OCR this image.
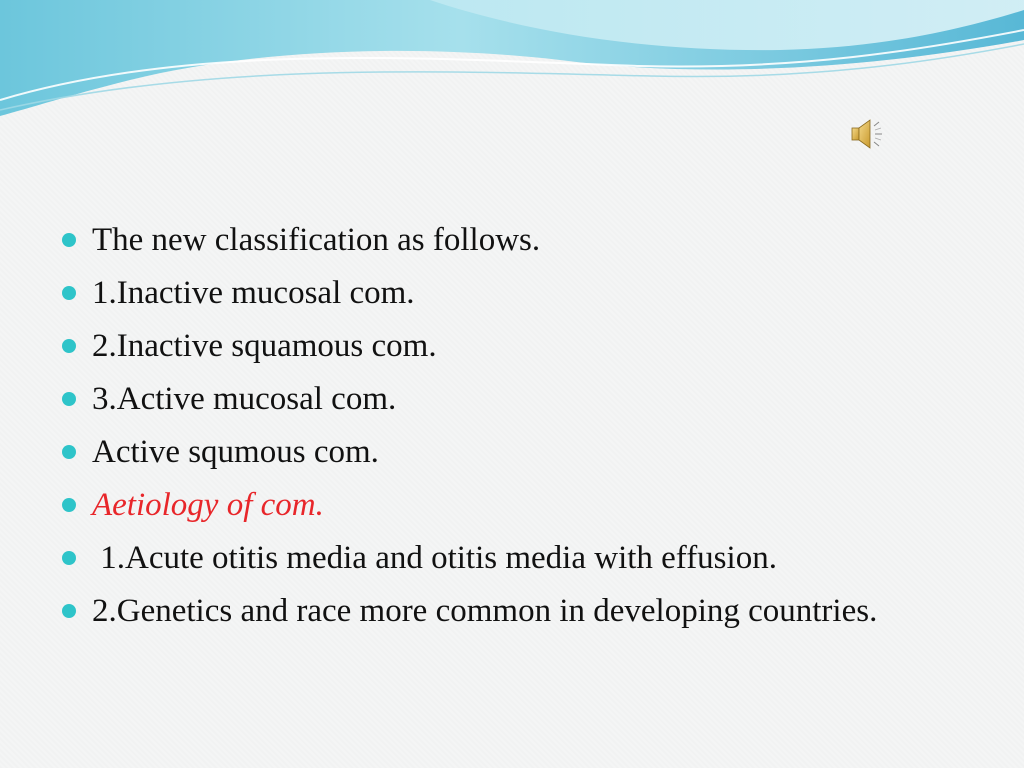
The new classification as follows.
1.Inactive mucosal com.
2.Inactive squamous com.
3.Active mucosal com.
Active squmous com.
Aetiology of com.
1.Acute otitis media and otitis media with effusion.
2.Genetics and race more common in developing countries.
